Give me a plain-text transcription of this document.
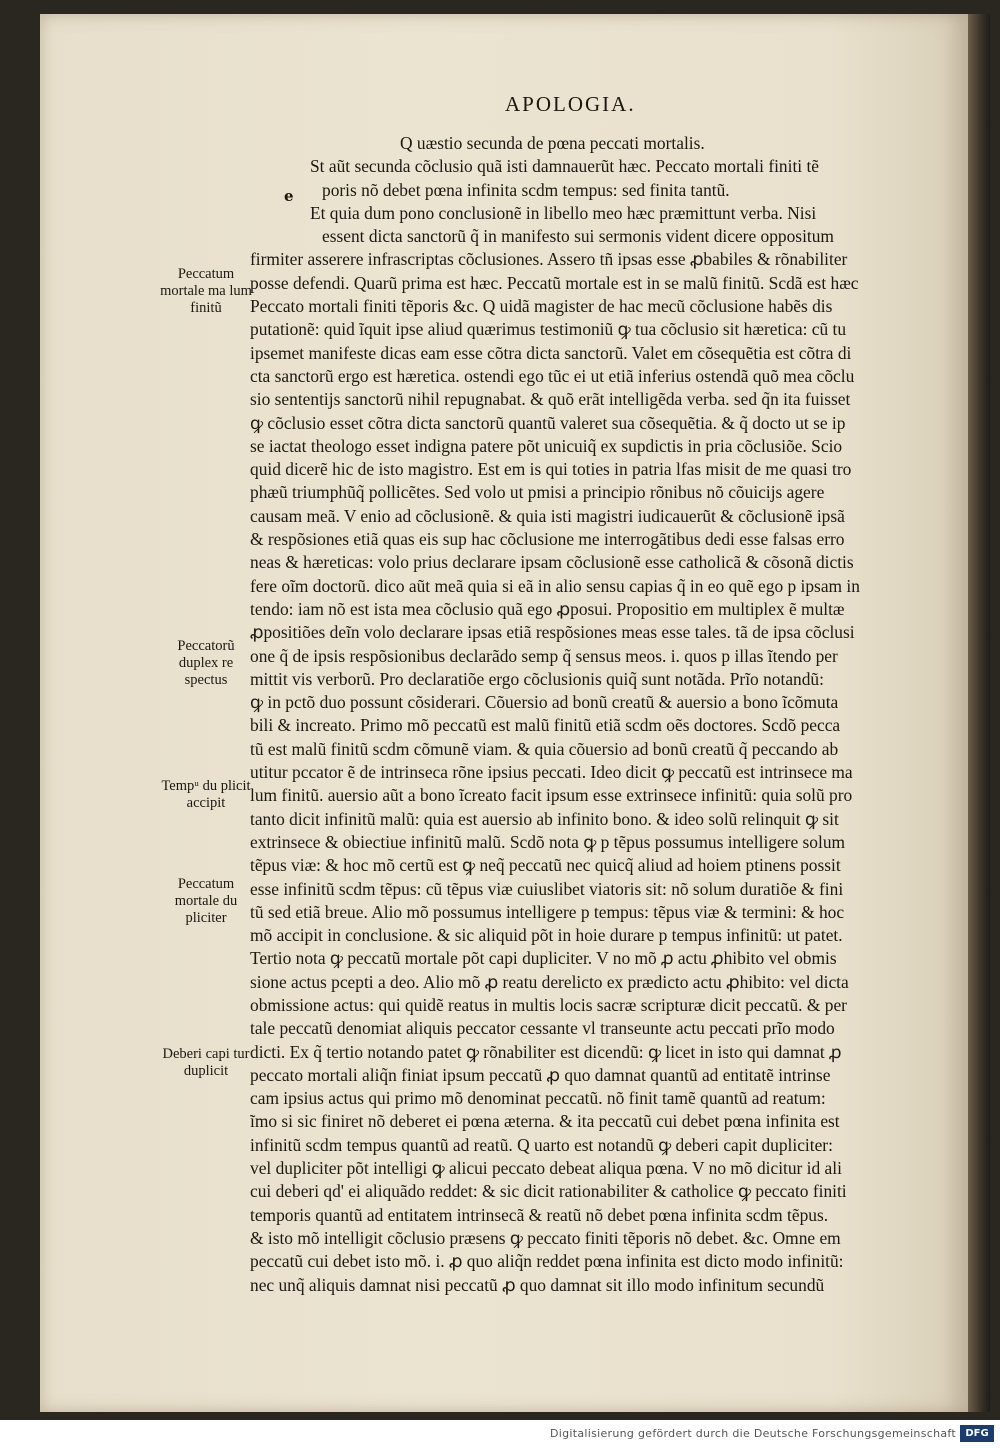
APOLOGIA.
e
Q uæstio secunda de pœna peccati mortalis.
St aũt secunda cõclusio quã isti damnauerũt hæc. Peccato mortali finiti tẽ
poris nõ debet pœna infinita scdm tempus: sed finita tantũ.
Et quia dum pono conclusionẽ in libello meo hæc præmittunt verba. Nisi
essent dicta sanctorũ q̃ in manifesto sui sermonis vident dicere oppositum
firmiter asserere infrascriptas cõclusiones. Assero tñ ipsas esse ꝓbabiles & rõnabiliter
posse defendi. Quarũ prima est hæc. Peccatũ mortale est in se malũ finitũ. Scdã est hæc
Peccato mortali finiti tẽporis &c. Q uidã magister de hac mecũ cõclusione habẽs dis
putationẽ: quid ĩquit ipse aliud quærimus testimoniũ ꝙ tua cõclusio sit hæretica: cũ tu
ipsemet manifeste dicas eam esse cõtra dicta sanctorũ. Valet em cõsequẽtia est cõtra di
cta sanctorũ ergo est hæretica. ostendi ego tũc ei ut etiã inferius ostendã quõ mea cõclu
sio sententijs sanctorũ nihil repugnabat. & quõ erãt intelligẽda verba. sed q̃n ita fuisset
ꝙ cõclusio esset cõtra dicta sanctorũ quantũ valeret sua cõsequẽtia. & q̃ docto ut se ip
se iactat theologo esset indigna patere põt unicuiq̃ ex supdictis in pria cõclusiõe. Scio
quid dicerẽ hic de isto magistro. Est em is qui toties in patria lfas misit de me quasi tro
phæũ triumphũq̃ pollicẽtes. Sed volo ut pmisi a principio rõnibus nõ cõuicijs agere
causam meã. V enio ad cõclusionẽ. & quia isti magistri iudicauerũt & cõclusionẽ ipsã
& respõsiones etiã quas eis sup hac cõclusione me interrogãtibus dedi esse falsas erro
neas & hæreticas: volo prius declarare ipsam cõclusionẽ esse catholicã & cõsonã dictis
fere oĩm doctorũ. dico aũt meã quia si eã in alio sensu capias q̃ in eo quẽ ego p ipsam in
tendo: iam nõ est ista mea cõclusio quã ego ꝓposui. Propositio em multiplex ẽ multæ
ꝓpositiões deĩn volo declarare ipsas etiã respõsiones meas esse tales. tã de ipsa cõclusi
one q̃ de ipsis respõsionibus declarãdo semp q̃ sensus meos. i. quos p illas ĩtendo per
mittit vis verborũ. Pro declaratiõe ergo cõclusionis quiq̃ sunt notãda. Prĩo notandũ:
ꝙ in pctõ duo possunt cõsiderari. Cõuersio ad bonũ creatũ & auersio a bono ĩcõmuta
bili & increato. Primo mõ peccatũ est malũ finitũ etiã scdm oẽs doctores. Scdõ pecca
tũ est malũ finitũ scdm cõmunẽ viam. & quia cõuersio ad bonũ creatũ q̃ peccando ab
utitur pccator ẽ de intrinseca rõne ipsius peccati. Ideo dicit ꝙ peccatũ est intrinsece ma
lum finitũ. auersio aũt a bono ĩcreato facit ipsum esse extrinsece infinitũ: quia solũ pro
tanto dicit infinitũ malũ: quia est auersio ab infinito bono. & ideo solũ relinquit ꝙ sit
extrinsece & obiectiue infinitũ malũ. Scdõ nota ꝙ p tẽpus possumus intelligere solum
tẽpus viæ: & hoc mõ certũ est ꝙ neq̃ peccatũ nec quicq̃ aliud ad hoiem ptinens possit
esse infinitũ scdm tẽpus: cũ tẽpus viæ cuiuslibet viatoris sit: nõ solum duratiõe & fini
tũ sed etiã breue. Alio mõ possumus intelligere p tempus: tẽpus viæ & termini: & hoc
mõ accipit in conclusione. & sic aliquid põt in hoie durare p tempus infinitũ: ut patet.
Tertio nota ꝙ peccatũ mortale põt capi dupliciter. V no mõ ꝓ actu ꝓhibito vel obmis
sione actus pcepti a deo. Alio mõ ꝓ reatu derelicto ex prædicto actu ꝓhibito: vel dicta
obmissione actus: qui quidẽ reatus in multis locis sacræ scripturæ dicit peccatũ. & per
tale peccatũ denomiat aliquis peccator cessante vl transeunte actu peccati prĩo modo
dicti. Ex q̃ tertio notando patet ꝙ rõnabiliter est dicendũ: ꝙ licet in isto qui damnat ꝓ
peccato mortali aliq̃n finiat ipsum peccatũ ꝓ quo damnat quantũ ad entitatẽ intrinse
cam ipsius actus qui primo mõ denominat peccatũ. nõ finit tamẽ quantũ ad reatum:
ĩmo si sic finiret nõ deberet ei pœna æterna. & ita peccatũ cui debet pœna infinita est
infinitũ scdm tempus quantũ ad reatũ. Q uarto est notandũ ꝙ deberi capit dupliciter:
vel dupliciter põt intelligi ꝙ alicui peccato debeat aliqua pœna. V no mõ dicitur id ali
cui deberi qd' ei aliquãdo reddet: & sic dicit rationabiliter & catholice ꝙ peccato finiti
temporis quantũ ad entitatem intrinsecã & reatũ nõ debet pœna infinita scdm tẽpus.
& isto mõ intelligit cõclusio præsens ꝙ peccato finiti tẽporis nõ debet. &c. Omne em
peccatũ cui debet isto mõ. i. ꝓ quo aliq̃n reddet pœna infinita est dicto modo infinitũ:
nec unq̃ aliquis damnat nisi peccatũ ꝓ quo damnat sit illo modo infinitum secundũ
Peccatum mortale ma lum finitũ
Peccatorũ duplex re spectus
Tempᵘ du plicit accipit
Peccatum mortale du pliciter
Deberi capi tur duplicit
Digitalisierung gefördert durch die Deutsche Forschungsgemeinschaft DFG
